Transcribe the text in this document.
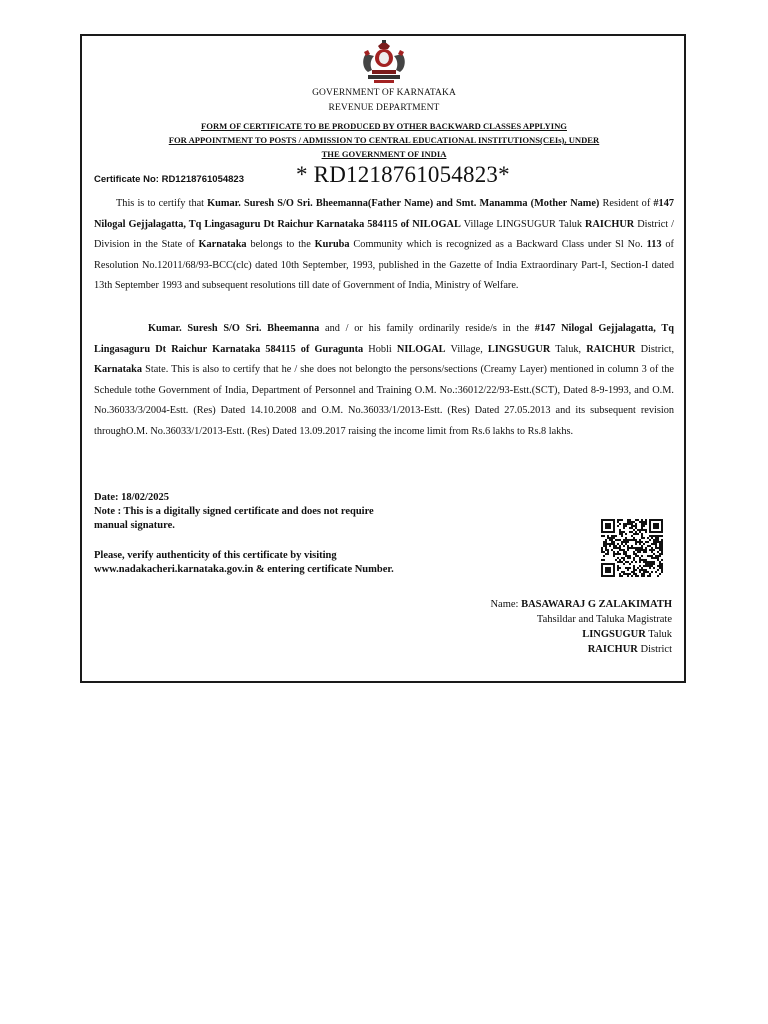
GOVERNMENT OF KARNATAKA
REVENUE DEPARTMENT
FORM OF CERTIFICATE TO BE PRODUCED BY OTHER BACKWARD CLASSES APPLYING
FOR APPOINTMENT TO POSTS / ADMISSION TO CENTRAL EDUCATIONAL INSTITUTIONS(CEIs), UNDER
THE GOVERNMENT OF INDIA
Certificate No: RD1218761054823 * RD1218761054823*
This is to certify that Kumar. Suresh S/O Sri. Bheemanna(Father Name) and Smt. Manamma (Mother Name) Resident of #147 Nilogal Gejjalagatta, Tq Lingasaguru Dt Raichur Karnataka 584115 of NILOGAL Village LINGSUGUR Taluk RAICHUR District / Division in the State of Karnataka belongs to the Kuruba Community which is recognized as a Backward Class under Sl No. 113 of Resolution No.12011/68/93-BCC(clc) dated 10th September, 1993, published in the Gazette of India Extraordinary Part-I, Section-I dated 13th September 1993 and subsequent resolutions till date of Government of India, Ministry of Welfare.
Kumar. Suresh S/O Sri. Bheemanna and / or his family ordinarily reside/s in the #147 Nilogal Gejjalagatta, Tq Lingasaguru Dt Raichur Karnataka 584115 of Guragunta Hobli NILOGAL Village, LINGSUGUR Taluk, RAICHUR District, Karnataka State. This is also to certify that he / she does not belongto the persons/sections (Creamy Layer) mentioned in column 3 of the Schedule tothe Government of India, Department of Personnel and Training O.M. No.:36012/22/93-Estt.(SCT), Dated 8-9-1993, and O.M. No.36033/3/2004-Estt. (Res) Dated 14.10.2008 and O.M. No.36033/1/2013-Estt. (Res) Dated 27.05.2013 and its subsequent revision throughO.M. No.36033/1/2013-Estt. (Res) Dated 13.09.2017 raising the income limit from Rs.6 lakhs to Rs.8 lakhs.
Date: 18/02/2025
Note : This is a digitally signed certificate and does not require manual signature.
Please, verify authenticity of this certificate by visiting www.nadakacheri.karnataka.gov.in & entering certificate Number.
Name: BASAWARAJ G ZALAKIMATH
Tahsildar and Taluka Magistrate
LINGSUGUR Taluk
RAICHUR District
